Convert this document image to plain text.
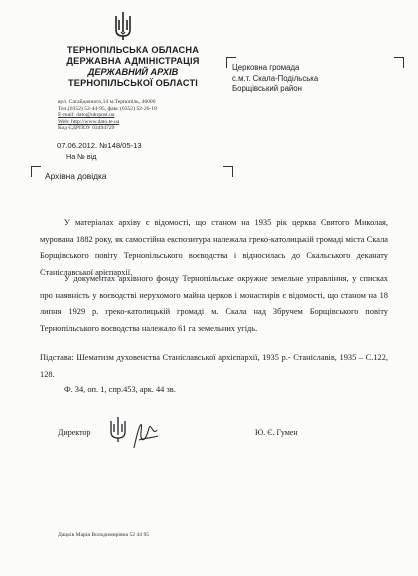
ТЕРНОПІЛЬСЬКА ОБЛАСНА
ДЕРЖАВНА АДМІНІСТРАЦІЯ
ДЕРЖАВНИЙ АРХІВ
ТЕРНОПІЛЬСЬКОЇ ОБЛАСТІ
вул. Сагайдачного,14 м.Тернопіль, 46000
Тел.(0352) 52-44-95, факс (0352) 52-26-18
E-mail: dato@ukrpost.ua
Web: http://www.dato.te.ua
Код ЄДРПОУ 03494729
07.06.2012. №148/05-13
На № від
Церковна громада
с.м.т. Скала-Подільська
Борщівський район
Архівна довідка
У матеріалах архіву є відомості, що станом на 1935 рік церква Святого Миколая, мурована 1882 року, як самостійна експозитура належала греко-католицькій громаді міста Скала Борщівського повіту Тернопільського воєводства і відносилась до Скальського деканату Станіславської арієпархії.
У документах архівного фонду Тернопільське окружне земельне управління, у списках про наявність у воєводстві нерухомого майна церков і монастирів є відомості, що станом на 18 липня 1929 р. греко-католицькій громаді м. Скала над Збручем Борщівського повіту Тернопільського воєводства належало 61 га земельних угідь.
Підстава: Шематизм духовенства Станіславської архієпархії, 1935 р.- Станіславів, 1935 – С.122, 128.
Ф. 34, оп. 1, спр.453, арк. 44 зв.
Директор	Ю. Є. Гумен
Дацків Марія Володимирівна 52 44 95
